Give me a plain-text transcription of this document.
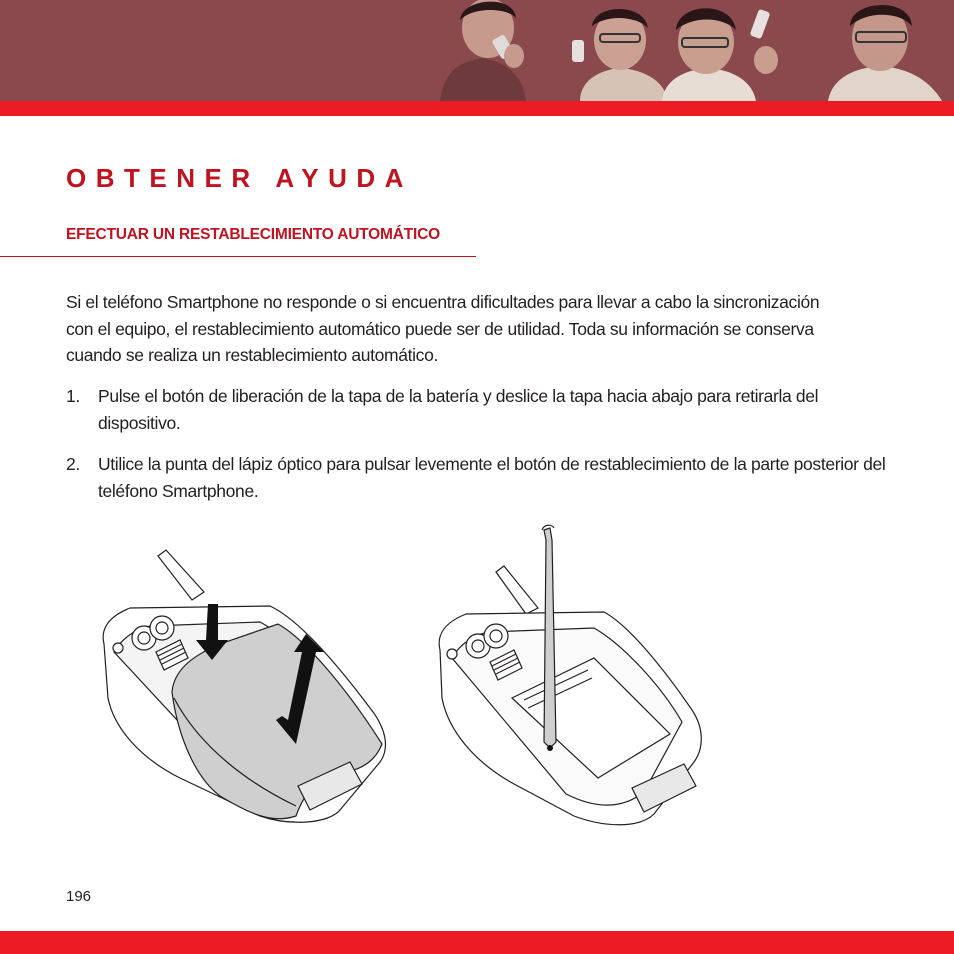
OBTENER AYUDA
EFECTUAR UN RESTABLECIMIENTO AUTOMÁTICO

Si el teléfono Smartphone no responde o si encuentra dificultades para llevar a cabo la sincronización con el equipo, el restablecimiento automático puede ser de utilidad. Toda su información se conserva cuando se realiza un restablecimiento automático.

1. Pulse el botón de liberación de la tapa de la batería y deslice la tapa hacia abajo para retirarla del dispositivo.
2. Utilice la punta del lápiz óptico para pulsar levemente el botón de restablecimiento de la parte posterior del teléfono Smartphone.
196
